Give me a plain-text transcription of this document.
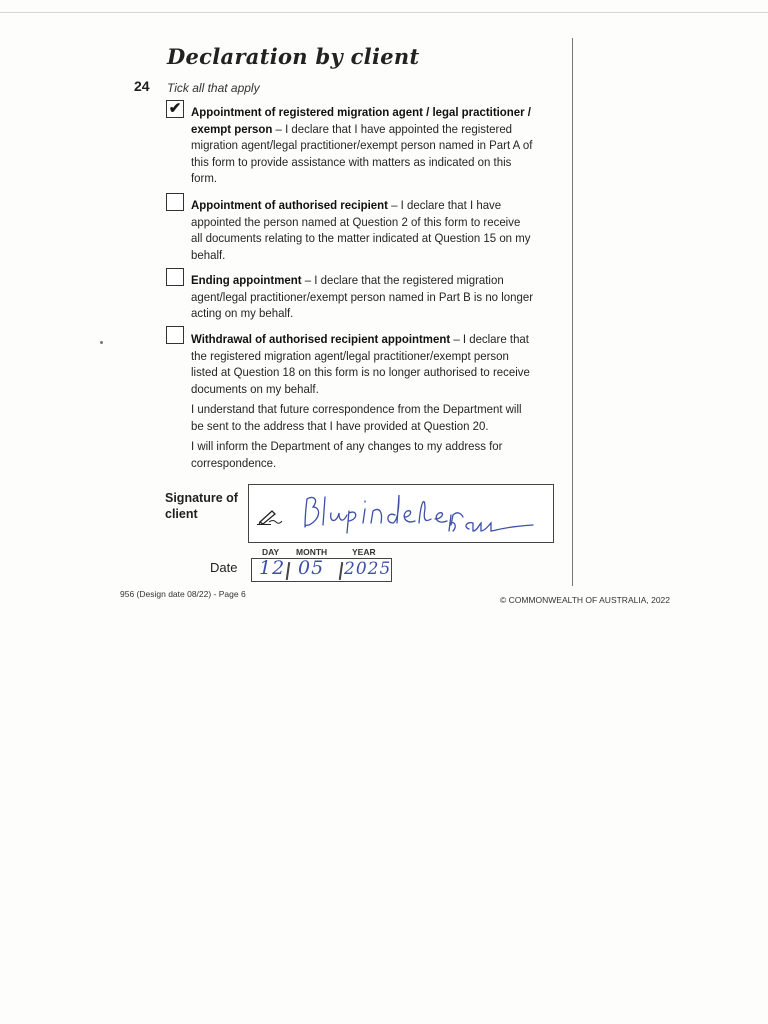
Declaration by client
24 Tick all that apply
✔ Appointment of registered migration agent / legal practitioner / exempt person – I declare that I have appointed the registered migration agent/legal practitioner/exempt person named in Part A of this form to provide assistance with matters as indicated on this form.
Appointment of authorised recipient – I declare that I have appointed the person named at Question 2 of this form to receive all documents relating to the matter indicated at Question 15 on my behalf.
Ending appointment – I declare that the registered migration agent/legal practitioner/exempt person named in Part B is no longer acting on my behalf.
Withdrawal of authorised recipient appointment – I declare that the registered migration agent/legal practitioner/exempt person listed at Question 18 on this form is no longer authorised to receive documents on my behalf.
I understand that future correspondence from the Department will be sent to the address that I have provided at Question 20.
I will inform the Department of any changes to my address for correspondence.
Signature of client
DAY MONTH	YEAR
Date 12 05 2025
956 (Design date 08/22) - Page 6
© COMMONWEALTH OF AUSTRALIA, 2022
